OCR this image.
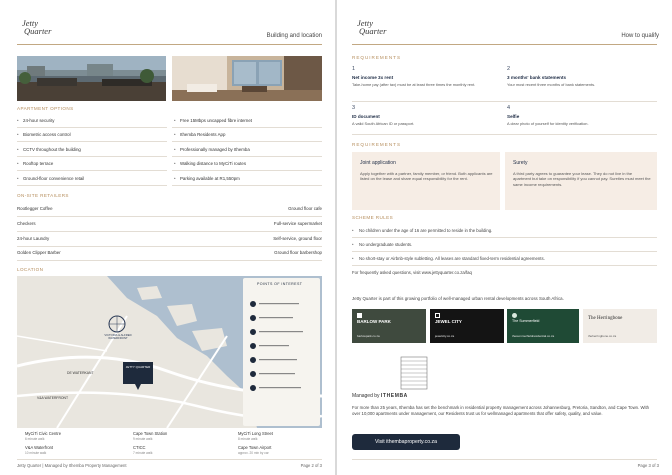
Jetty
Quarter	Building and location
APARTMENT OPTIONS
• 24-hour security
• Biometric access control
• CCTV throughout the building
• Rooftop terrace
• Ground-floor convenience retail
• Free 15Mbps uncapped fibre internet
• Ithemba Residents App
• Professionally managed by Ithemba
• Walking distance to MyCiTi routes
• Parking available at R1,550pm
ON-SITE RETAILERS
Rootlegger Coffee	Ground floor cafe
Checkers	Full-service supermarket
24-hour Laundry	Self-service, ground floor
Golden Clipper Barber	Ground floor barbershop
LOCATION
POINTS OF INTEREST
JETTY QUARTER
V&A WATERFRONT
VICTORIA & ALFRED WATERFRONT
DE WATERKANT
MyCiTi Civic Centre
6 minute walk
Cape Town Station
9 minute walk
MyCiTi Long Street
8 minute walk
V&A Waterfront
10 minute walk
CTICC
7 minute walk
Cape Town Airport
approx. 20 min by car
Jetty Quarter | Managed by Ithemba Property Management	Page 2 of 3
Jetty
Quarter	How to qualify
REQUIREMENTS
1
Net income 3x rent
Take-home pay (after tax) must be at least three times the monthly rent.
2
3 months' bank statements
Your most recent three months of bank statements.
3
ID document
A valid South African ID or passport.
4
Selfie
A clear photo of yourself for identity verification.
REQUIREMENTS
Joint application
Apply together with a partner, family member, or friend. Both applicants are listed on the lease and share equal responsibility for the rent.
Surety
A third party agrees to guarantee your lease. They do not live in the apartment but take on responsibility if you cannot pay. Sureties must meet the same income requirements.
SCHEME RULES
• No children under the age of 16 are permitted to reside in the building.
• No undergraduate students.
• No short-stay or Airbnb-style subletting. All leases are standard fixed-term residential agreements.
For frequently asked questions, visit www.jettyquarter.co.za/faq
Jetty Quarter is part of this growing portfolio of well-managed urban rental developments across South Africa.
BARLOW PARK
barlowpark.co.za
JEWEL CITY
jewelcity.co.za
The Summerfield
thesummerfieldresidential.co.za
The Herringbone
theherringbone.co.za
Managed by ITHEMBA
For more than 25 years, Ithemba has set the benchmark in residential property management across Johannesburg, Pretoria, Sandton, and Cape Town. With over 10,000 apartments under management, our Residents trust us for wellmanaged apartments that offer safety, quality, and value.
Visit ithembaproperty.co.za
Page 3 of 3
